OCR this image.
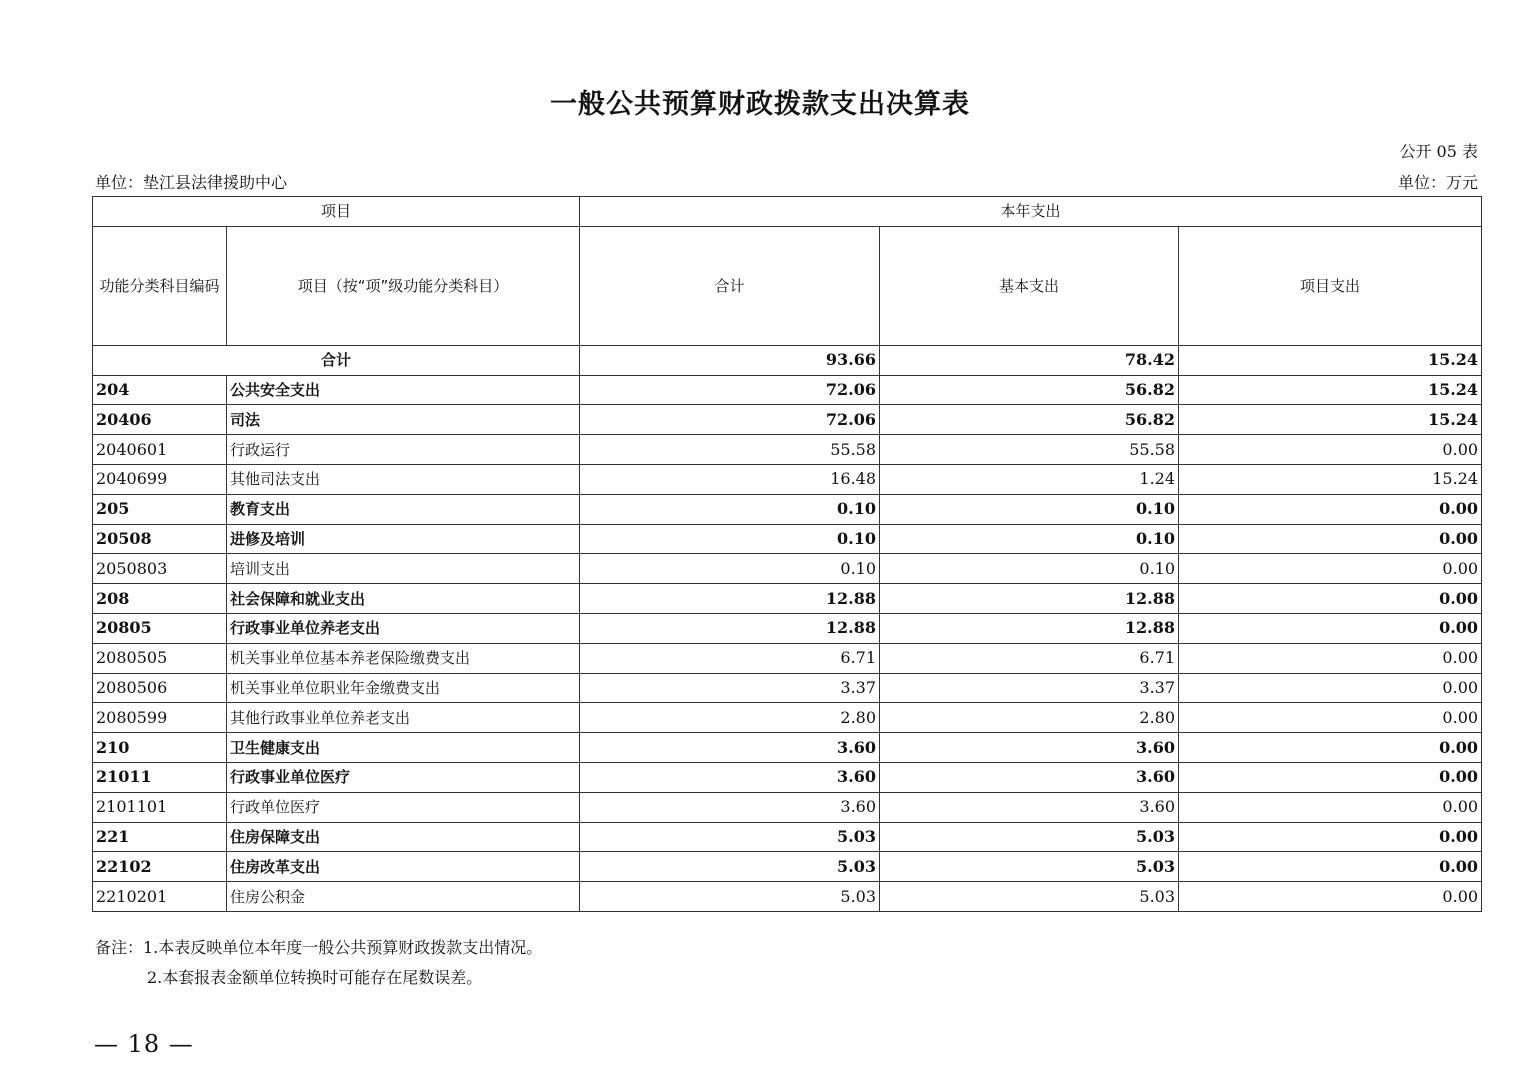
一般公共预算财政拨款支出决算表
公开 05 表
单位：垫江县法律援助中心	单位：万元
项目		本年支出		
功能分类科目编码	项目（按“项”级功能分类科目）	合计	基本支出	项目支出
合计		93.66	78.42	15.24
204	公共安全支出	72.06	56.82	15.24
20406	司法	72.06	56.82	15.24
2040601	行政运行	55.58	55.58	0.00
2040699	其他司法支出	16.48	1.24	15.24
205	教育支出	0.10	0.10	0.00
20508	进修及培训	0.10	0.10	0.00
2050803	培训支出	0.10	0.10	0.00
208	社会保障和就业支出	12.88	12.88	0.00
20805	行政事业单位养老支出	12.88	12.88	0.00
2080505	机关事业单位基本养老保险缴费支出	6.71	6.71	0.00
2080506	机关事业单位职业年金缴费支出	3.37	3.37	0.00
2080599	其他行政事业单位养老支出	2.80	2.80	0.00
210	卫生健康支出	3.60	3.60	0.00
21011	行政事业单位医疗	3.60	3.60	0.00
2101101	行政单位医疗	3.60	3.60	0.00
221	住房保障支出	5.03	5.03	0.00
22102	住房改革支出	5.03	5.03	0.00
2210201	住房公积金	5.03	5.03	0.00
备注：1.本表反映单位本年度一般公共预算财政拨款支出情况。
2.本套报表金额单位转换时可能存在尾数误差。
— 18 —
